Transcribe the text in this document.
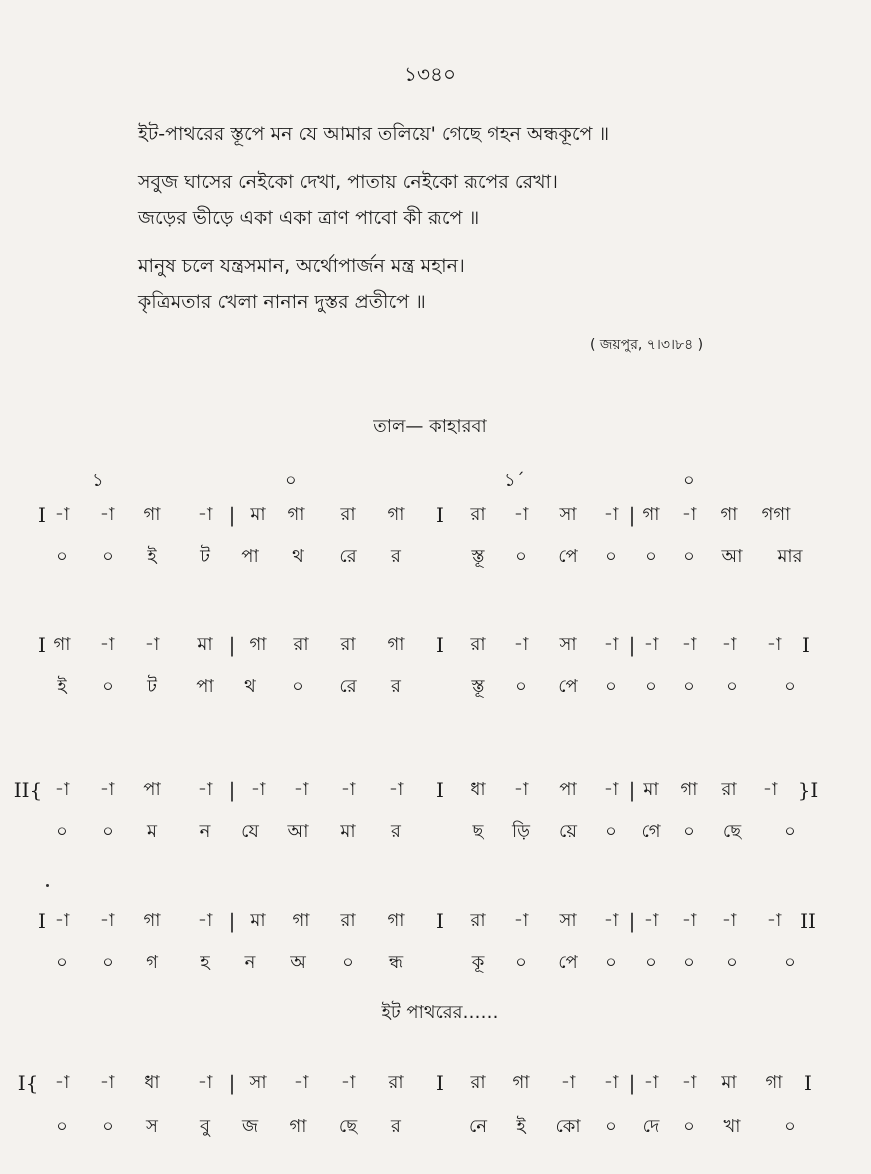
১৩৪০
ইট-পাথরের স্তূপে মন যে আমার তলিয়ে' গেছে গহন অন্ধকূপে ॥
সবুজ ঘাসের নেইকো দেখা, পাতায় নেইকো রূপের রেখা।
জড়ের ভীড়ে একা একা ত্রাণ পাবো কী রূপে ॥
মানুষ চলে যন্ত্রসমান, অর্থোপার্জন মন্ত্র মহান।
কৃত্রিমতার খেলা নানান দুস্তর প্রতীপে ॥
( জয়পুর, ৭।৩।৮৪ )
তাল— কাহারবা
১	০	১´	০
I -া	-া	গা	-া | মা	গা	রা	গা	I	রা	-া	সা	-া | গা	-া	গা	গগা
০	০	ই	ট	পা	থ	রে	র	স্তূ	০	পে	০	০	০	আ	মার
I গা	-া	-া	মা | গা	রা	রা	গা	I	রা	-া	সা	-া | -া	-া	-া	-া	I
ই	০	ট	পা	থ	০	রে	র	স্তূ	০	পে	০	০	০	০	০
II{ -া	-া	পা	-া | -া	-া	-া	-া	I	ধা	-া	পা	-া | মা	গা	রা	-া	}I
০	০	ম	ন	যে	আ	মা	র	ছ	ড়ি	য়ে	০	গে	০	ছে	০
I -া	-া	গা	-া | মা	গা	রা	গা	I	রা	-া	সা	-া | -া	-া	-া	-া II
০	০	গ	হ	ন	অ	০	ন্ধ	কূ	০	পে	০	০	০	০	০
I{ -া	-া	ধা	-া | সা	-া	-া	রা	I	রা	গা	-া	-া | -া	-া	মা	গা	I
০	০	স	বু	জ	গা	ছে	র	নে	ই	কো	০	দে	০	খা	০
ইট পাথরের……
